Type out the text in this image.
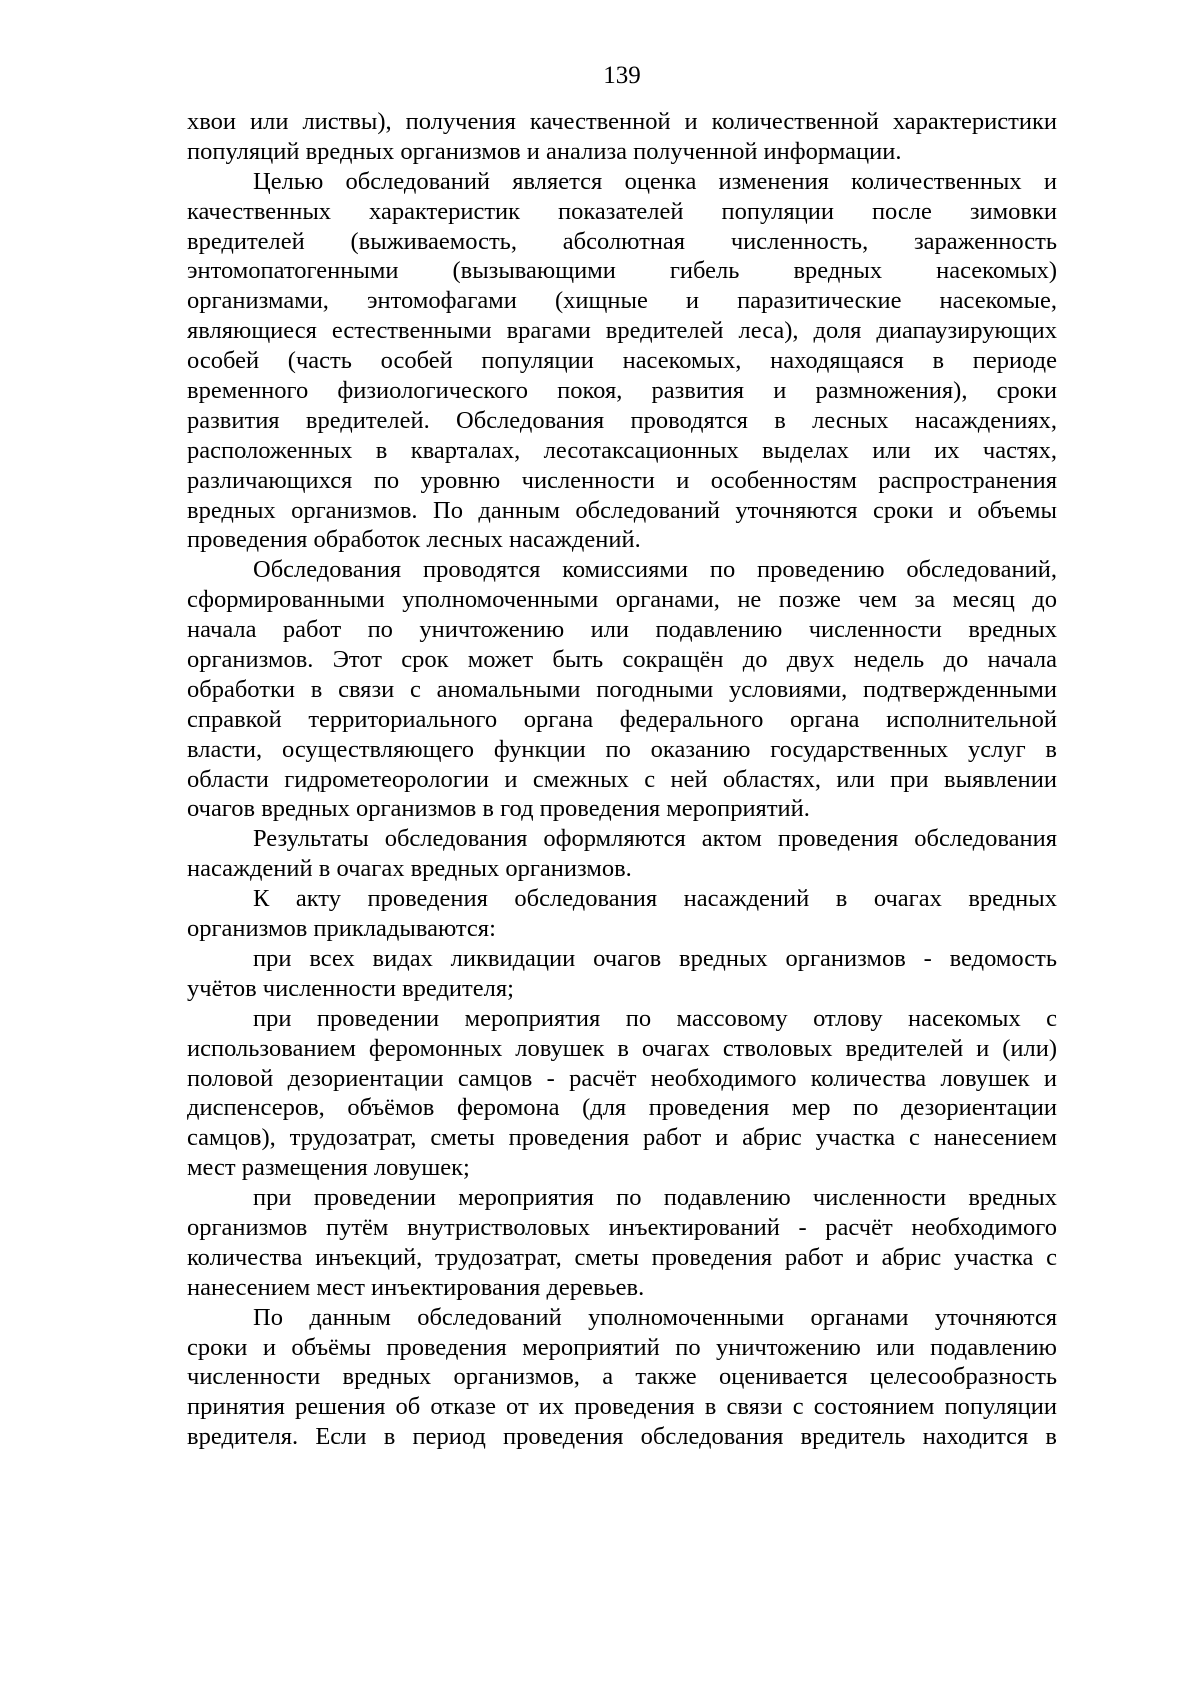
139
хвои или листвы), получения качественной и количественной характеристики
популяций вредных организмов и анализа полученной информации.
Целью обследований является оценка изменения количественных и
качественных характеристик показателей популяции после зимовки
вредителей (выживаемость, абсолютная численность, зараженность
энтомопатогенными (вызывающими гибель вредных насекомых)
организмами, энтомофагами (хищные и паразитические насекомые,
являющиеся естественными врагами вредителей леса), доля диапаузирующих
особей (часть особей популяции насекомых, находящаяся в периоде
временного физиологического покоя, развития и размножения), сроки
развития вредителей. Обследования проводятся в лесных насаждениях,
расположенных в кварталах, лесотаксационных выделах или их частях,
различающихся по уровню численности и особенностям распространения
вредных организмов. По данным обследований уточняются сроки и объемы
проведения обработок лесных насаждений.
Обследования проводятся комиссиями по проведению обследований,
сформированными уполномоченными органами, не позже чем за месяц до
начала работ по уничтожению или подавлению численности вредных
организмов. Этот срок может быть сокращён до двух недель до начала
обработки в связи с аномальными погодными условиями, подтвержденными
справкой территориального органа федерального органа исполнительной
власти, осуществляющего функции по оказанию государственных услуг в
области гидрометеорологии и смежных с ней областях, или при выявлении
очагов вредных организмов в год проведения мероприятий.
Результаты обследования оформляются актом проведения обследования
насаждений в очагах вредных организмов.
К акту проведения обследования насаждений в очагах вредных
организмов прикладываются:
при всех видах ликвидации очагов вредных организмов - ведомость
учётов численности вредителя;
при проведении мероприятия по массовому отлову насекомых с
использованием феромонных ловушек в очагах стволовых вредителей и (или)
половой дезориентации самцов - расчёт необходимого количества ловушек и
диспенсеров, объёмов феромона (для проведения мер по дезориентации
самцов), трудозатрат, сметы проведения работ и абрис участка с нанесением
мест размещения ловушек;
при проведении мероприятия по подавлению численности вредных
организмов путём внутристволовых инъектирований - расчёт необходимого
количества инъекций, трудозатрат, сметы проведения работ и абрис участка с
нанесением мест инъектирования деревьев.
По данным обследований уполномоченными органами уточняются
сроки и объёмы проведения мероприятий по уничтожению или подавлению
численности вредных организмов, а также оценивается целесообразность
принятия решения об отказе от их проведения в связи с состоянием популяции
вредителя. Если в период проведения обследования вредитель находится в
